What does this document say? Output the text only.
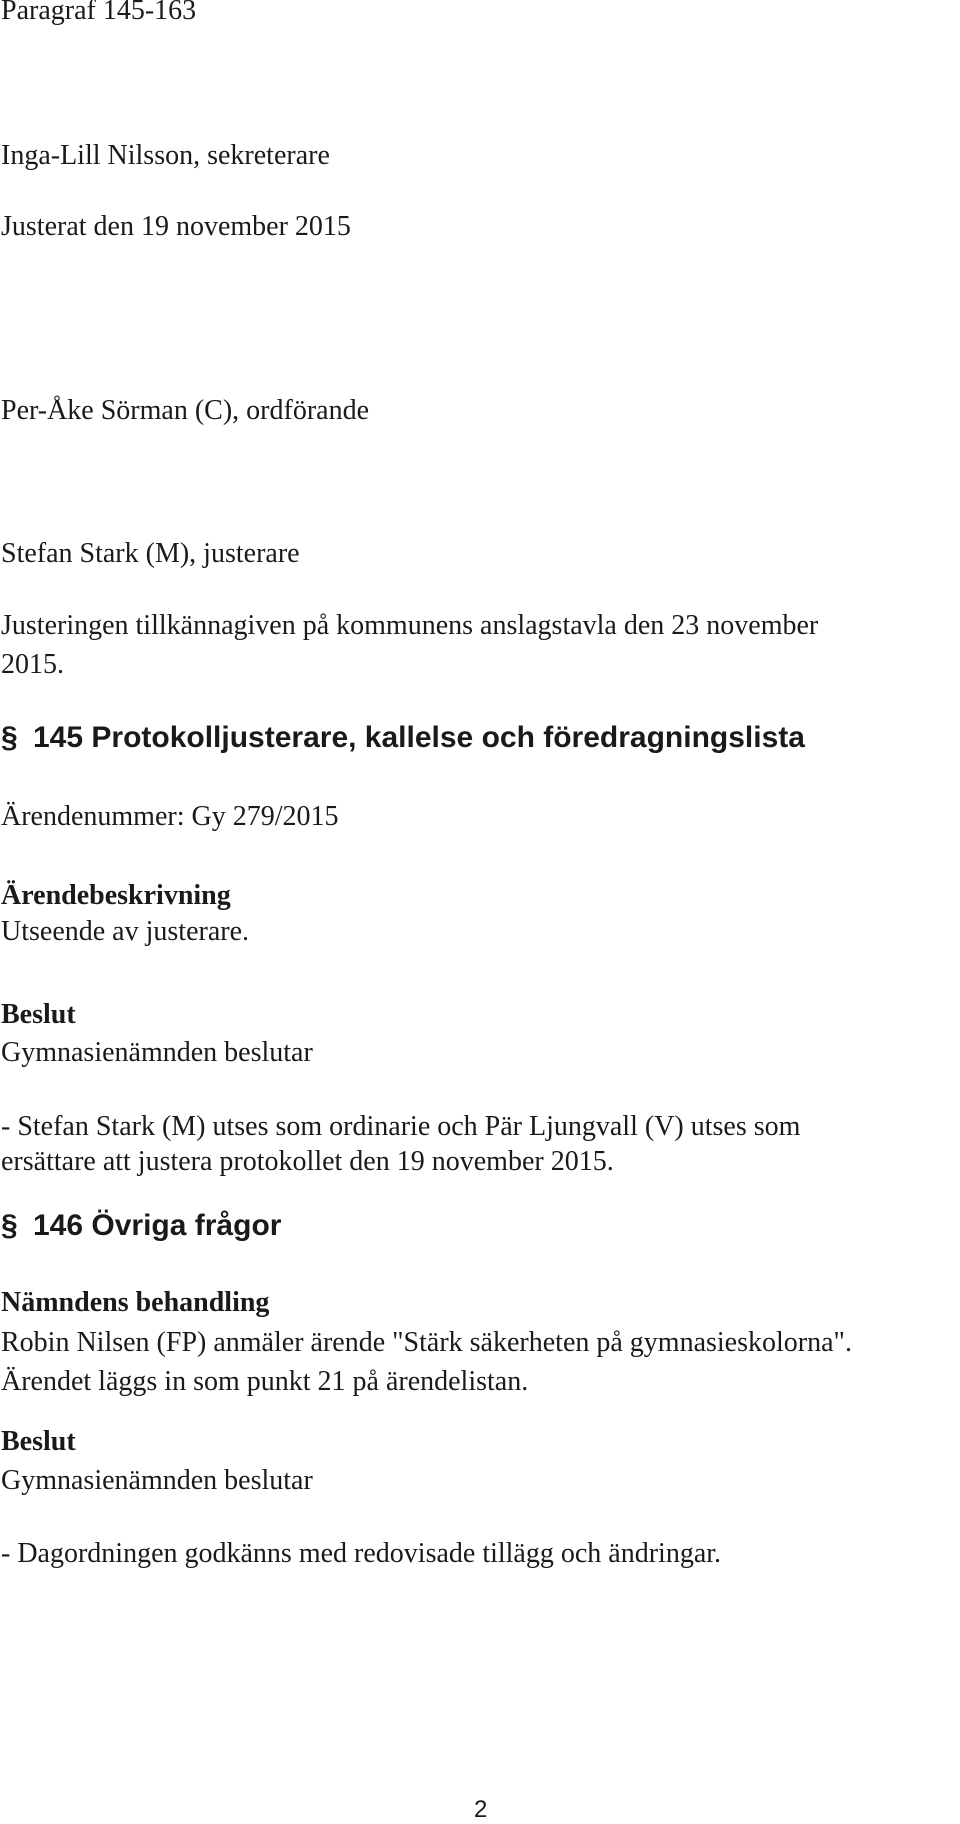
Paragraf 145-163
Inga-Lill Nilsson, sekreterare
Justerat den 19 november 2015
Per-Åke Sörman (C), ordförande
Stefan Stark (M), justerare
Justeringen tillkännagiven på kommunens anslagstavla den 23 november
2015.
§ 145 Protokolljusterare, kallelse och föredragningslista
Ärendenummer: Gy 279/2015
Ärendebeskrivning
Utseende av justerare.
Beslut
Gymnasienämnden beslutar
- Stefan Stark (M) utses som ordinarie och Pär Ljungvall (V) utses som
ersättare att justera protokollet den 19 november 2015.
§ 146 Övriga frågor
Nämndens behandling
Robin Nilsen (FP) anmäler ärende "Stärk säkerheten på gymnasieskolorna".
Ärendet läggs in som punkt 21 på ärendelistan.
Beslut
Gymnasienämnden beslutar
- Dagordningen godkänns med redovisade tillägg och ändringar.
2
